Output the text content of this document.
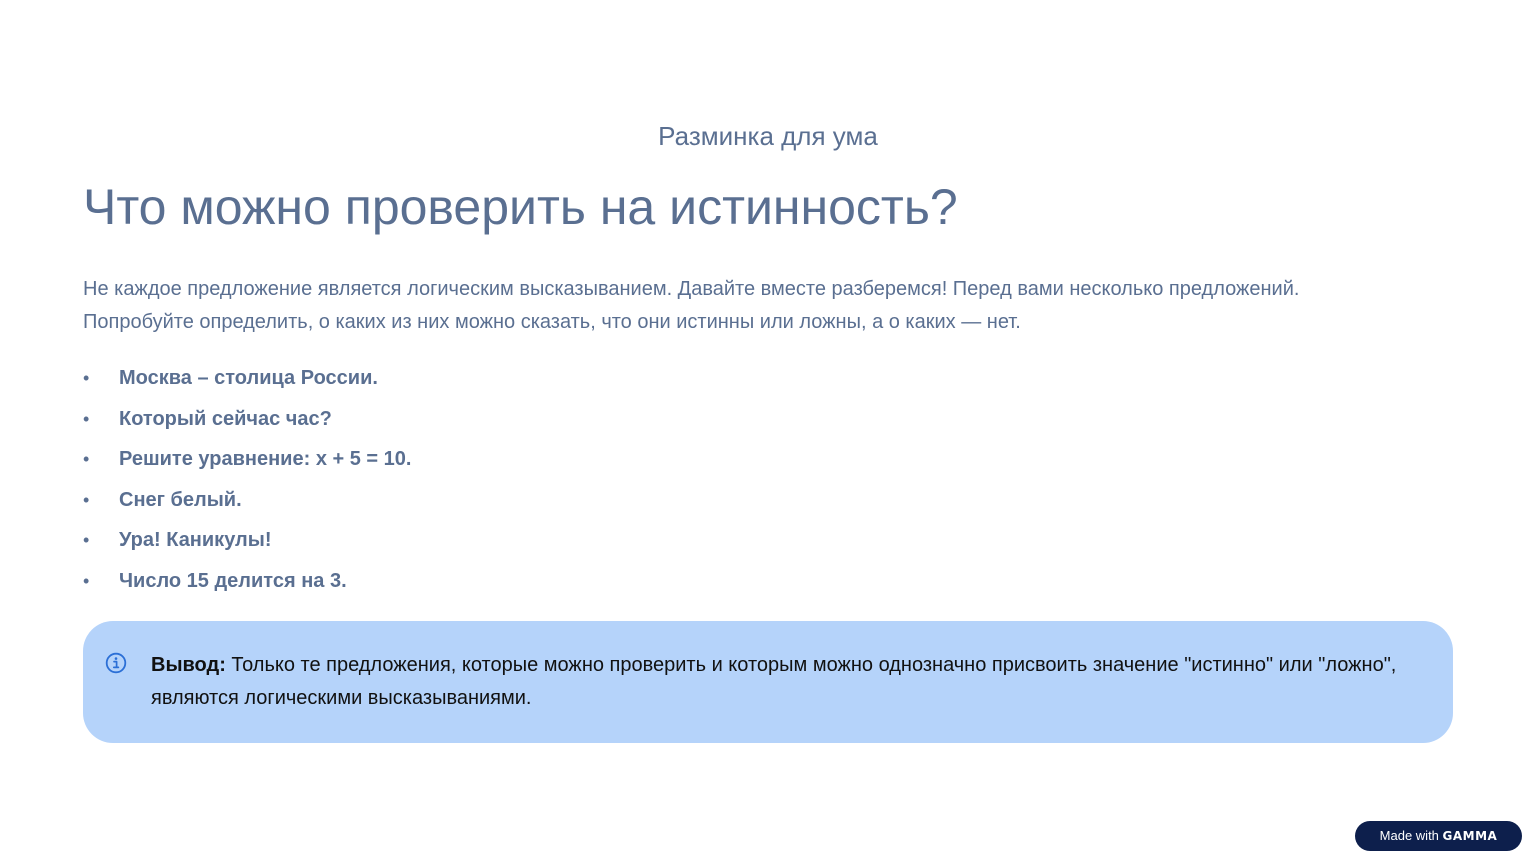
Разминка для ума
Что можно проверить на истинность?
Не каждое предложение является логическим высказыванием. Давайте вместе разберемся! Перед вами несколько предложений.
Попробуйте определить, о каких из них можно сказать, что они истинны или ложны, а о каких — нет.
• Москва – столица России.
• Который сейчас час?
• Решите уравнение: x + 5 = 10.
• Снег белый.
• Ура! Каникулы!
• Число 15 делится на 3.
Вывод: Только те предложения, которые можно проверить и которым можно однозначно присвоить значение "истинно" или "ложно", являются логическими высказываниями.
Made with GAMMA
